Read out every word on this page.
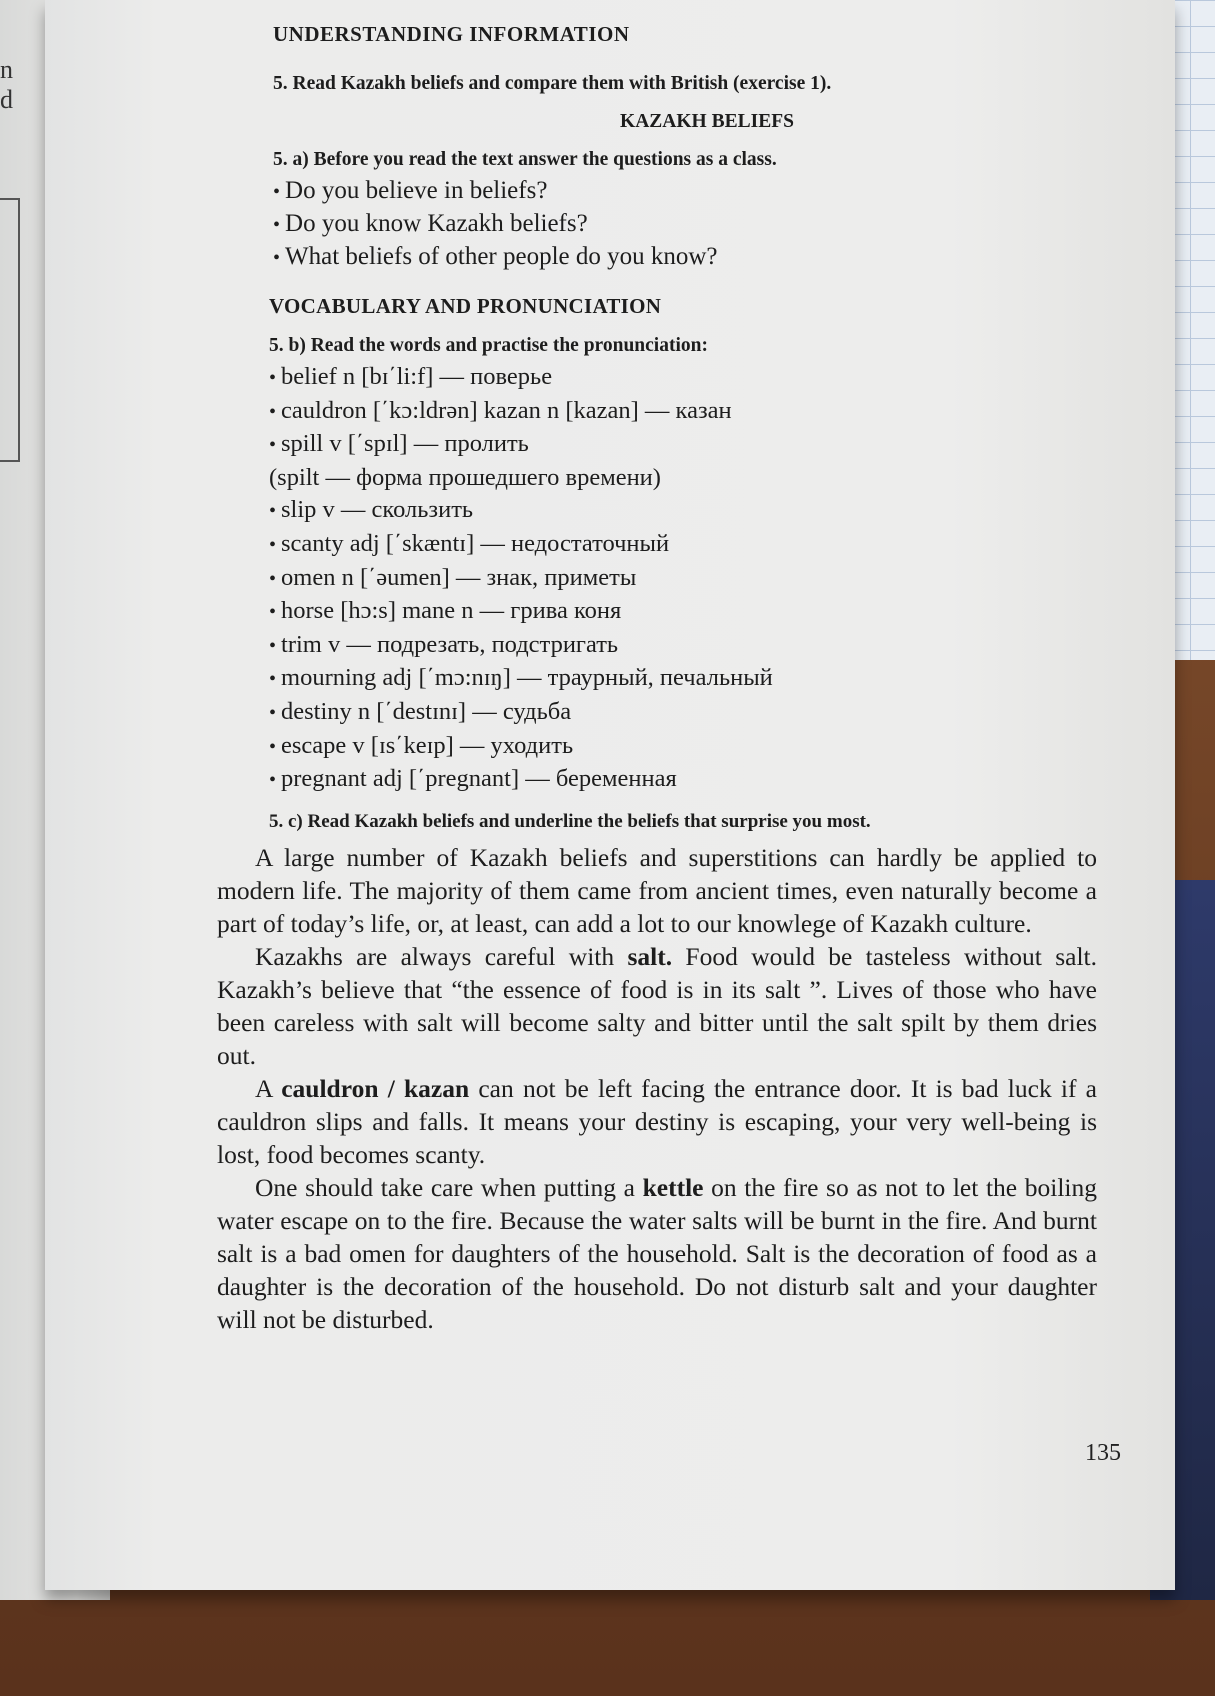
n
d
UNDERSTANDING INFORMATION
5. Read Kazakh beliefs and compare them with British (exercise 1).
KAZAKH BELIEFS
5. a) Before you read the text answer the questions as a class.
• Do you believe in beliefs?
• Do you know Kazakh beliefs?
• What beliefs of other people do you know?
VOCABULARY AND PRONUNCIATION
5. b) Read the words and practise the pronunciation:
• belief n [bɪ΄li:f] — поверье
• cauldron [΄kɔ:ldrən] kazan n [kazan] — казан
• spill v [΄spɪl] — пролить
(spilt — форма прошедшего времени)
• slip v — скользить
• scanty adj [΄skæntɪ] — недостаточный
• omen n [΄əumen] — знак, приметы
• horse [hɔ:s] mane n — грива коня
• trim v — подрезать, подстригать
• mourning adj [΄mɔ:nɪŋ] — траурный, печальный
• destiny n [΄destɪnɪ] — судьба
• escape v [ɪs΄keɪp] — уходить
• pregnant adj [΄pregnant] — беременная
5. c) Read Kazakh beliefs and underline the beliefs that surprise you most.

A large number of Kazakh beliefs and superstitions can hardly be applied to modern life. The majority of them came from ancient times, even naturally become a part of today’s life, or, at least, can add a lot to our knowlege of Kazakh culture.

Kazakhs are always careful with salt. Food would be tasteless without salt. Kazakh’s believe that “the essence of food is in its salt ”. Lives of those who have been careless with salt will become salty and bitter until the salt spilt by them dries out.

A cauldron / kazan can not be left facing the entrance door. It is bad luck if a cauldron slips and falls. It means your destiny is escaping, your very well-being is lost, food becomes scanty.

One should take care when putting a kettle on the fire so as not to let the boiling water escape on to the fire. Because the water salts will be burnt in the fire. And burnt salt is a bad omen for daughters of the household. Salt is the decoration of food as a daughter is the decoration of the household. Do not disturb salt and your daughter will not be disturbed.

135
